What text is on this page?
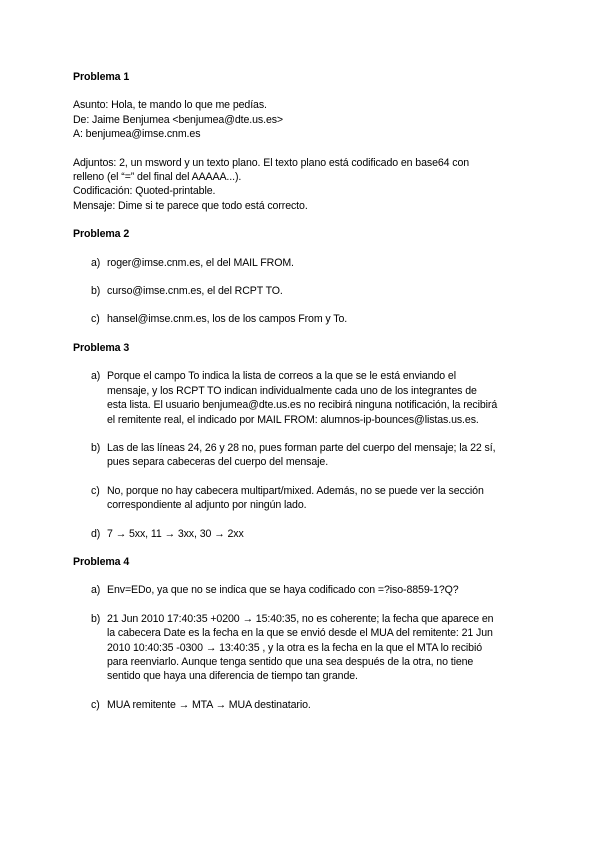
Problema 1

Asunto: Hola, te mando lo que me pedías.
De: Jaime Benjumea <benjumea@dte.us.es>
A: benjumea@imse.cnm.es
Adjuntos: 2, un msword y un texto plano. El texto plano está codificado en base64 con
relleno (el “=” del final del AAAAA...).
Codificación: Quoted-printable.
Mensaje: Dime si te parece que todo está correcto.

Problema 2

a) roger@imse.cnm.es, el del MAIL FROM.
b) curso@imse.cnm.es, el del RCPT TO.
c) hansel@imse.cnm.es, los de los campos From y To.

Problema 3

a) Porque el campo To indica la lista de correos a la que se le está enviando el
mensaje, y los RCPT TO indican individualmente cada uno de los integrantes de
esta lista. El usuario benjumea@dte.us.es no recibirá ninguna notificación, la recibirá
el remitente real, el indicado por MAIL FROM: alumnos-ip-bounces@listas.us.es.
b) Las de las líneas 24, 26 y 28 no, pues forman parte del cuerpo del mensaje; la 22 sí,
pues separa cabeceras del cuerpo del mensaje.
c) No, porque no hay cabecera multipart/mixed. Además, no se puede ver la sección
correspondiente al adjunto por ningún lado.
d) 7 → 5xx, 11 → 3xx, 30 → 2xx

Problema 4

a) Env=EDo, ya que no se indica que se haya codificado con =?iso-8859-1?Q?
b) 21 Jun 2010 17:40:35 +0200 → 15:40:35, no es coherente; la fecha que aparece en
la cabecera Date es la fecha en la que se envió desde el MUA del remitente: 21 Jun
2010 10:40:35 -0300 → 13:40:35 , y la otra es la fecha en la que el MTA lo recibió
para reenviarlo. Aunque tenga sentido que una sea después de la otra, no tiene
sentido que haya una diferencia de tiempo tan grande.
c) MUA remitente → MTA → MUA destinatario.
